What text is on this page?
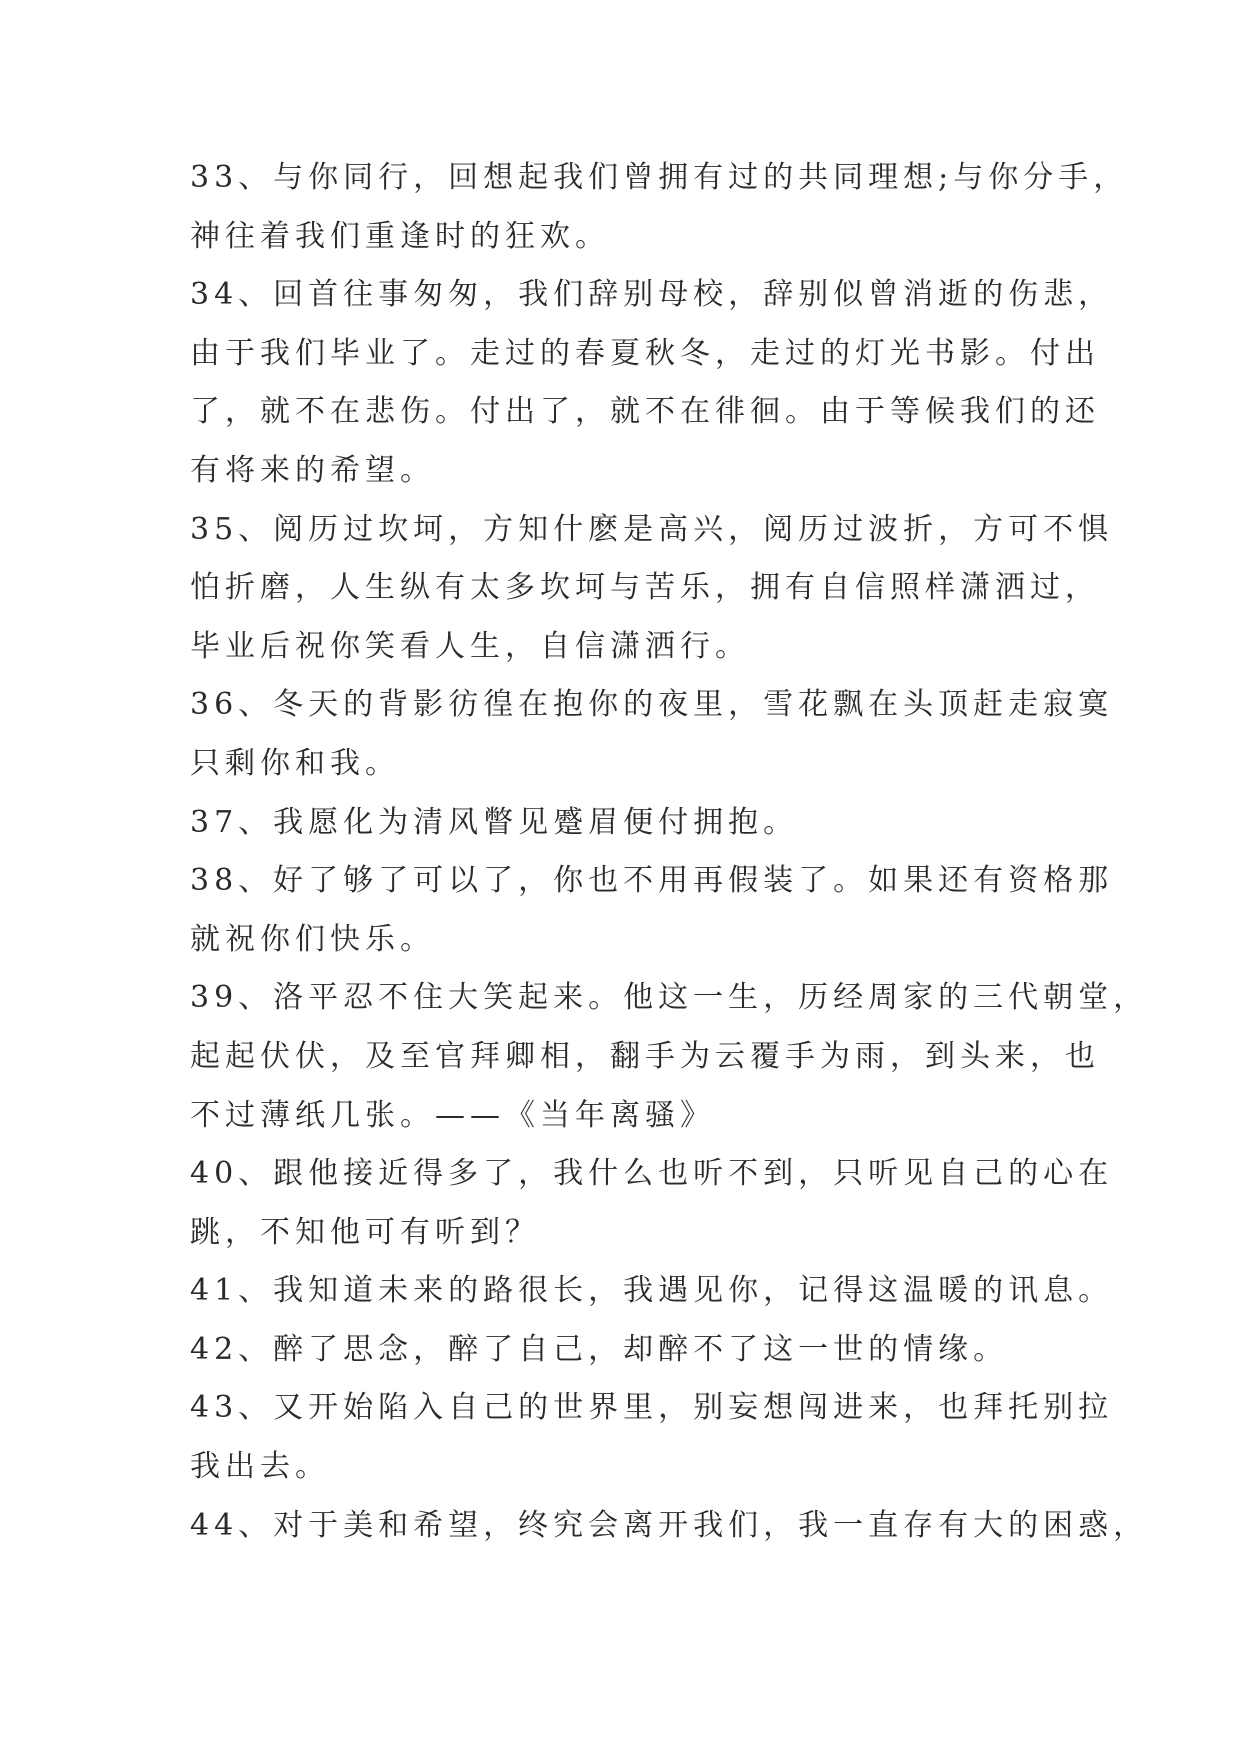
33、与你同行，回想起我们曾拥有过的共同理想;与你分手，
神往着我们重逢时的狂欢。
34、回首往事匆匆，我们辞别母校，辞别似曾消逝的伤悲，
由于我们毕业了。走过的春夏秋冬，走过的灯光书影。付出
了，就不在悲伤。付出了，就不在徘徊。由于等候我们的还
有将来的希望。
35、阅历过坎坷，方知什麽是高兴，阅历过波折，方可不惧
怕折磨，人生纵有太多坎坷与苦乐，拥有自信照样潇洒过，
毕业后祝你笑看人生，自信潇洒行。
36、冬天的背影彷徨在抱你的夜里，雪花飘在头顶赶走寂寞
只剩你和我。
37、我愿化为清风瞥见蹙眉便付拥抱。
38、好了够了可以了，你也不用再假装了。如果还有资格那
就祝你们快乐。
39、洛平忍不住大笑起来。他这一生，历经周家的三代朝堂，
起起伏伏，及至官拜卿相，翻手为云覆手为雨，到头来，也
不过薄纸几张。——《当年离骚》
40、跟他接近得多了，我什么也听不到，只听见自己的心在
跳，不知他可有听到？
41、我知道未来的路很长，我遇见你，记得这温暖的讯息。
42、醉了思念，醉了自己，却醉不了这一世的情缘。
43、又开始陷入自己的世界里，别妄想闯进来，也拜托别拉
我出去。
44、对于美和希望，终究会离开我们，我一直存有大的困惑，
